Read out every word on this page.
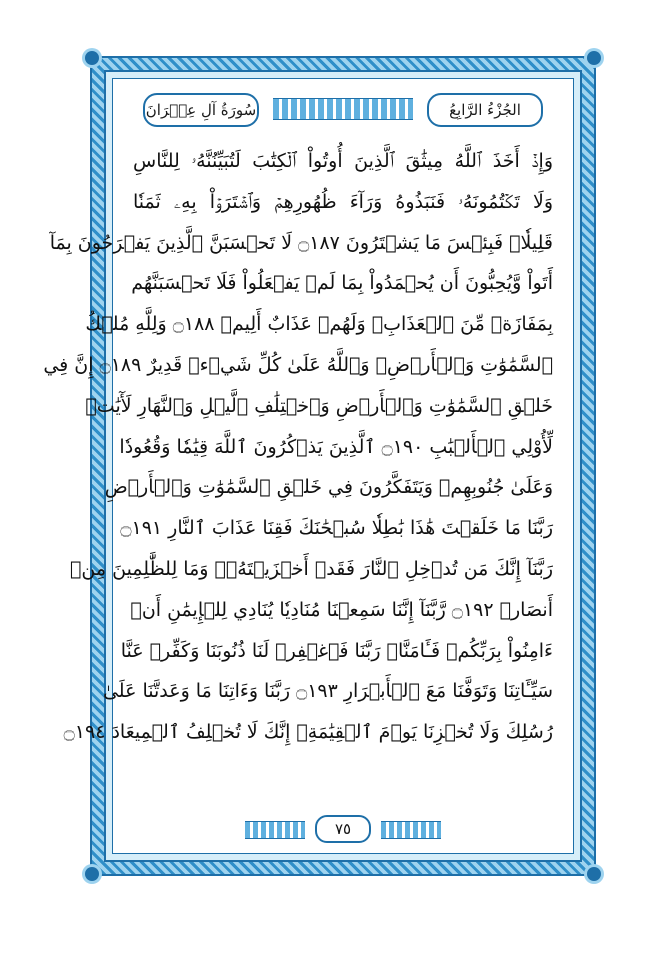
سُورَةُ آلِ عِمۡرَانَ	الجُزْءُ الرَّابِعُ
وَإِذۡ أَخَذَ ٱللَّهُ مِيثَٰقَ ٱلَّذِينَ أُوتُواْ ٱلۡكِتَٰبَ لَتُبَيِّنُنَّهُۥ لِلنَّاسِ
وَلَا تَكۡتُمُونَهُۥ فَنَبَذُوهُ وَرَآءَ ظُهُورِهِمۡ وَٱشۡتَرَوۡاْ بِهِۦ ثَمَنٗا
قَلِيلٗاۖ فَبِئۡسَ مَا يَشۡتَرُونَ ۝١٨٧ لَا تَحۡسَبَنَّ ٱلَّذِينَ يَفۡرَحُونَ بِمَآ
أَتَواْ وَّيُحِبُّونَ أَن يُحۡمَدُواْ بِمَا لَمۡ يَفۡعَلُواْ فَلَا تَحۡسَبَنَّهُم
بِمَفَازَةٖ مِّنَ ٱلۡعَذَابِۖ وَلَهُمۡ عَذَابٌ أَلِيمٞ ۝١٨٨ وَلِلَّهِ مُلۡكُ
ٱلسَّمَٰوَٰتِ وَٱلۡأَرۡضِۗ وَٱللَّهُ عَلَىٰ كُلِّ شَيۡءٖ قَدِيرٌ ۝١٨٩ إِنَّ فِي
خَلۡقِ ٱلسَّمَٰوَٰتِ وَٱلۡأَرۡضِ وَٱخۡتِلَٰفِ ٱلَّيۡلِ وَٱلنَّهَارِ لَأٓيَٰتٖ
لِّأُوْلِي ٱلۡأَلۡبَٰبِ ۝١٩٠ ٱلَّذِينَ يَذۡكُرُونَ ٱللَّهَ قِيَٰمٗا وَقُعُودٗا
وَعَلَىٰ جُنُوبِهِمۡ وَيَتَفَكَّرُونَ فِي خَلۡقِ ٱلسَّمَٰوَٰتِ وَٱلۡأَرۡضِ
رَبَّنَا مَا خَلَقۡتَ هَٰذَا بَٰطِلٗا سُبۡحَٰنَكَ فَقِنَا عَذَابَ ٱلنَّارِ ۝١٩١
رَبَّنَآ إِنَّكَ مَن تُدۡخِلِ ٱلنَّارَ فَقَدۡ أَخۡزَيۡتَهُۥۖ وَمَا لِلظَّٰلِمِينَ مِنۡ
أَنصَارٖ ۝١٩٢ رَّبَّنَآ إِنَّنَا سَمِعۡنَا مُنَادِيٗا يُنَادِي لِلۡإِيمَٰنِ أَنۡ
ءَامِنُواْ بِرَبِّكُمۡ فَـَٔامَنَّاۚ رَبَّنَا فَٱغۡفِرۡ لَنَا ذُنُوبَنَا وَكَفِّرۡ عَنَّا
سَيِّـَٔاتِنَا وَتَوَفَّنَا مَعَ ٱلۡأَبۡرَارِ ۝١٩٣ رَبَّنَا وَءَاتِنَا مَا وَعَدتَّنَا عَلَىٰ
رُسُلِكَ وَلَا تُخۡزِنَا يَوۡمَ ٱلۡقِيَٰمَةِۗ إِنَّكَ لَا تُخۡلِفُ ٱلۡمِيعَادَ ۝١٩٤
٧٥
